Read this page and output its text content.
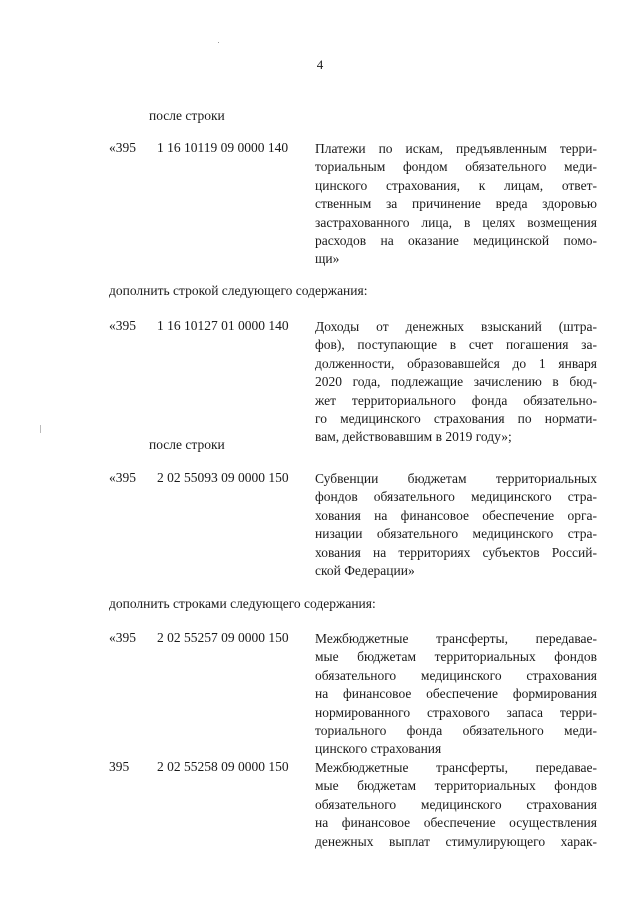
4
после строки
«395 1 16 10119 09 0000 140 Платежи по искам, предъявленным терри-
ториальным фондом обязательного меди-
цинского страхования, к лицам, ответ-
ственным за причинение вреда здоровью
застрахованного лица, в целях возмещения
расходов на оказание медицинской помо-
щи»
дополнить строкой следующего содержания:
«395 1 16 10127 01 0000 140 Доходы от денежных взысканий (штра-
фов), поступающие в счет погашения за-
долженности, образовавшейся до 1 января
2020 года, подлежащие зачислению в бюд-
жет территориального фонда обязательно-
го медицинского страхования по нормати-
вам, действовавшим в 2019 году»;
после строки
«395 2 02 55093 09 0000 150 Субвенции бюджетам территориальных
фондов обязательного медицинского стра-
хования на финансовое обеспечение орга-
низации обязательного медицинского стра-
хования на территориях субъектов Россий-
ской Федерации»
дополнить строками следующего содержания:
«395 2 02 55257 09 0000 150 Межбюджетные трансферты, передавае-
мые бюджетам территориальных фондов
обязательного медицинского страхования
на финансовое обеспечение формирования
нормированного страхового запаса терри-
ториального фонда обязательного меди-
цинского страхования
395 2 02 55258 09 0000 150 Межбюджетные трансферты, передавае-
мые бюджетам территориальных фондов
обязательного медицинского страхования
на финансовое обеспечение осуществления
денежных выплат стимулирующего харак-
